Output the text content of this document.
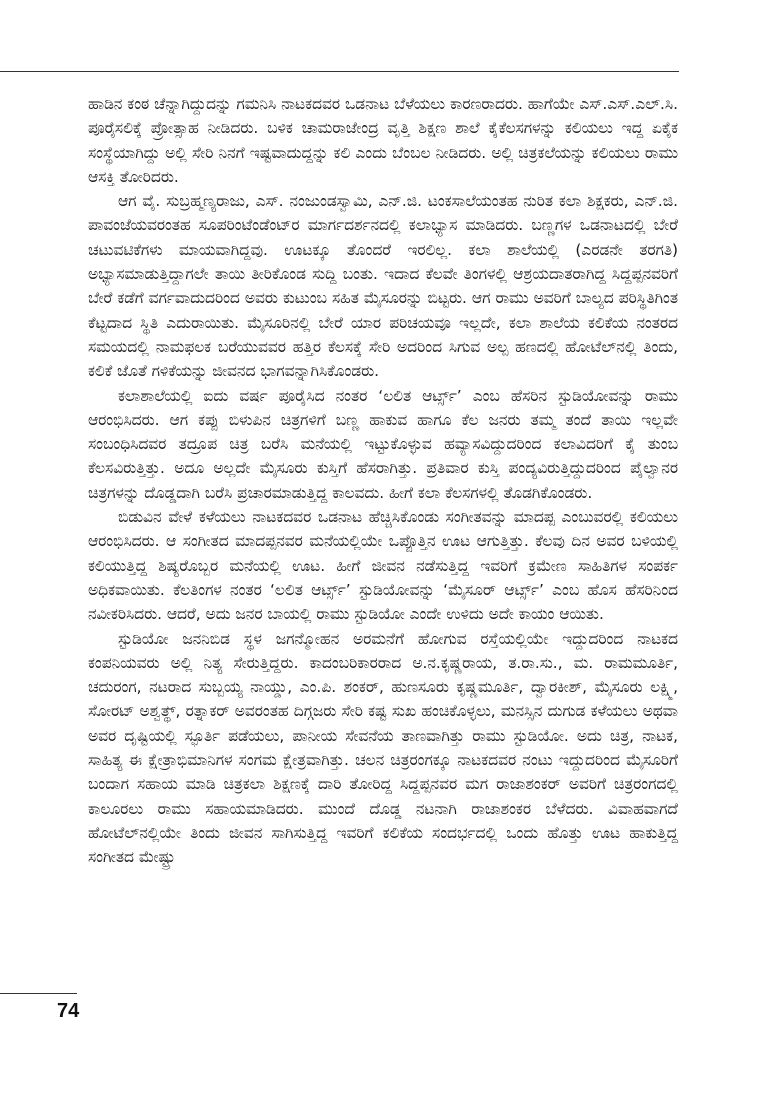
ಹಾಡಿನ ಕಂಠ ಚೆನ್ನಾಗಿದ್ದುದನ್ನು ಗಮನಿಸಿ ನಾಟಕದವರ ಒಡನಾಟ ಬೆಳೆಯಲು ಕಾರಣರಾದರು. ಹಾಗೆಯೇ ಎಸ್.ಎಸ್.ಎಲ್.ಸಿ. ಪೂರೈಸಲಿಕ್ಕೆ ಪ್ರೋತ್ಸಾಹ ನೀಡಿದರು. ಬಳಿಕ ಚಾಮರಾಜೇಂದ್ರ ವೃತ್ತಿ ಶಿಕ್ಷಣ ಶಾಲೆ ಕೈಕೆಲಸಗಳನ್ನು ಕಲಿಯಲು ಇದ್ದ ಏಕೈಕ ಸಂಸ್ಥೆಯಾಗಿದ್ದು ಅಲ್ಲಿ ಸೇರಿ ನಿನಗೆ ಇಷ್ಟವಾದುದ್ದನ್ನು ಕಲಿ ಎಂದು ಬೆಂಬಲ ನೀಡಿದರು. ಅಲ್ಲಿ ಚಿತ್ರಕಲೆಯನ್ನು ಕಲಿಯಲು ರಾಮು ಆಸಕ್ತಿ ತೋರಿದರು.

ಆಗ ವೈ. ಸುಬ್ರಹ್ಮಣ್ಯರಾಜು, ಎಸ್. ನಂಜುಂಡಸ್ವಾಮಿ, ಎನ್.ಜಿ. ಟಂಕಸಾಲೆಯಂತಹ ನುರಿತ ಕಲಾ ಶಿಕ್ಷಕರು, ಎನ್.ಜಿ. ಪಾವಂಜೆಯವರಂತಹ ಸೂಪರಿಂಟೆಂಡೆಂಟ್‌ರ ಮಾರ್ಗದರ್ಶನದಲ್ಲಿ ಕಲಾಭ್ಯಾಸ ಮಾಡಿದರು. ಬಣ್ಣಗಳ ಒಡನಾಟದಲ್ಲಿ ಬೇರೆ ಚಟುವಟಿಕೆಗಳು ಮಾಯವಾಗಿದ್ದವು. ಊಟಕ್ಕೂ ತೊಂದರೆ ಇರಲಿಲ್ಲ. ಕಲಾ ಶಾಲೆಯಲ್ಲಿ (ಎರಡನೇ ತರಗತಿ) ಅಭ್ಯಾಸಮಾಡುತ್ತಿದ್ದಾಗಲೇ ತಾಯಿ ತೀರಿಕೊಂಡ ಸುದ್ದಿ ಬಂತು. ಇದಾದ ಕೆಲವೇ ತಿಂಗಳಲ್ಲಿ ಆಶ್ರಯದಾತರಾಗಿದ್ದ ಸಿದ್ದಪ್ಪನವರಿಗೆ ಬೇರೆ ಕಡೆಗೆ ವರ್ಗವಾದುದರಿಂದ ಅವರು ಕುಟುಂಬ ಸಹಿತ ಮೈಸೂರನ್ನು ಬಿಟ್ಟರು. ಆಗ ರಾಮು ಅವರಿಗೆ ಬಾಲ್ಯದ ಪರಿಸ್ಥಿತಿಗಿಂತ ಕೆಟ್ಟದಾದ ಸ್ಥಿತಿ ಎದುರಾಯಿತು. ಮೈಸೂರಿನಲ್ಲಿ ಬೇರೆ ಯಾರ ಪರಿಚಯವೂ ಇಲ್ಲದೇ, ಕಲಾ ಶಾಲೆಯ ಕಲಿಕೆಯ ನಂತರದ ಸಮಯದಲ್ಲಿ ನಾಮಫಲಕ ಬರೆಯುವವರ ಹತ್ತಿರ ಕೆಲಸಕ್ಕೆ ಸೇರಿ ಅದರಿಂದ ಸಿಗುವ ಅಲ್ಪ ಹಣದಲ್ಲಿ ಹೋಟೆಲ್‌ನಲ್ಲಿ ತಿಂದು, ಕಲಿಕೆ ಜೊತೆ ಗಳಿಕೆಯನ್ನು ಜೀವನದ ಭಾಗವನ್ನಾಗಿಸಿಕೊಂಡರು.

ಕಲಾಶಾಲೆಯಲ್ಲಿ ಐದು ವರ್ಷ ಪೂರೈಸಿದ ನಂತರ ‘ಲಲಿತ ಆರ್ಟ್ಸ್’ ಎಂಬ ಹೆಸರಿನ ಸ್ಟುಡಿಯೋವನ್ನು ರಾಮು ಆರಂಭಿಸಿದರು. ಆಗ ಕಪ್ಪು ಬಿಳುಪಿನ ಚಿತ್ರಗಳಿಗೆ ಬಣ್ಣ ಹಾಕುವ ಹಾಗೂ ಕೆಲ ಜನರು ತಮ್ಮ ತಂದೆ ತಾಯಿ ಇಲ್ಲವೇ ಸಂಬಂಧಿಸಿದವರ ತದ್ರೂಪ ಚಿತ್ರ ಬರೆಸಿ ಮನೆಯಲ್ಲಿ ಇಟ್ಟುಕೊಳ್ಳುವ ಹವ್ಯಾಸವಿದ್ದುದರಿಂದ ಕಲಾವಿದರಿಗೆ ಕೈ ತುಂಬ ಕೆಲಸವಿರುತ್ತಿತ್ತು. ಅದೂ ಅಲ್ಲದೇ ಮೈಸೂರು ಕುಸ್ತಿಗೆ ಹೆಸರಾಗಿತ್ತು. ಪ್ರತಿವಾರ ಕುಸ್ತಿ ಪಂದ್ಯವಿರುತ್ತಿದ್ದುದರಿಂದ ಪೈಲ್ವಾನರ ಚಿತ್ರಗಳನ್ನು ದೊಡ್ಡದಾಗಿ ಬರೆಸಿ ಪ್ರಚಾರಮಾಡುತ್ತಿದ್ದ ಕಾಲವದು. ಹೀಗೆ ಕಲಾ ಕೆಲಸಗಳಲ್ಲಿ ತೊಡಗಿಕೊಂಡರು.

ಬಿಡುವಿನ ವೇಳೆ ಕಳೆಯಲು ನಾಟಕದವರ ಒಡನಾಟ ಹೆಚ್ಚಿಸಿಕೊಂಡು ಸಂಗೀತವನ್ನು ಮಾದಪ್ಪ ಎಂಬುವರಲ್ಲಿ ಕಲಿಯಲು ಆರಂಭಿಸಿದರು. ಆ ಸಂಗೀತದ ಮಾದಪ್ಪನವರ ಮನೆಯಲ್ಲಿಯೇ ಒಪ್ಪೊತ್ತಿನ ಊಟ ಆಗುತ್ತಿತ್ತು. ಕೆಲವು ದಿನ ಅವರ ಬಳಿಯಲ್ಲಿ ಕಲಿಯುತ್ತಿದ್ದ ಶಿಷ್ಯರೊಬ್ಬರ ಮನೆಯಲ್ಲಿ ಊಟ. ಹೀಗೆ ಜೀವನ ನಡೆಸುತ್ತಿದ್ದ ಇವರಿಗೆ ಕ್ರಮೇಣ ಸಾಹಿತಿಗಳ ಸಂಪರ್ಕ ಅಧಿಕವಾಯಿತು. ಕೆಲತಿಂಗಳ ನಂತರ ‘ಲಲಿತ ಆರ್ಟ್ಸ್’ ಸ್ಟುಡಿಯೋವನ್ನು ‘ಮೈಸೂರ್ ಆರ್ಟ್ಸ್’ ಎಂಬ ಹೊಸ ಹೆಸರಿನಿಂದ ನವೀಕರಿಸಿದರು. ಆದರೆ, ಅದು ಜನರ ಬಾಯಲ್ಲಿ ರಾಮು ಸ್ಟುಡಿಯೋ ಎಂದೇ ಉಳಿದು ಅದೇ ಕಾಯಂ ಆಯಿತು.

ಸ್ಟುಡಿಯೋ ಜನನಿಬಿಡ ಸ್ಥಳ ಜಗನ್ಮೋಹನ ಅರಮನೆಗೆ ಹೋಗುವ ರಸ್ತೆಯಲ್ಲಿಯೇ ಇದ್ದುದರಿಂದ ನಾಟಕದ ಕಂಪನಿಯವರು ಅಲ್ಲಿ ನಿತ್ಯ ಸೇರುತ್ತಿದ್ದರು. ಕಾದಂಬರಿಕಾರರಾದ ಅ.ನ.ಕೃಷ್ಣರಾಯ, ತ.ರಾ.ಸು., ಮ. ರಾಮಮೂರ್ತಿ, ಚದುರಂಗ, ನಟರಾದ ಸುಬ್ಬಯ್ಯ ನಾಯ್ಡು, ಎಂ.ಪಿ. ಶಂಕರ್, ಹುಣಸೂರು ಕೃಷ್ಣಮೂರ್ತಿ, ದ್ವಾರಕೀಶ್, ಮೈಸೂರು ಲಕ್ಷ್ಮಿ, ಸೋರಟ್ ಅಶ್ವತ್ಥ್, ರತ್ನಾಕರ್ ಅವರಂತಹ ದಿಗ್ಗಜರು ಸೇರಿ ಕಷ್ಟ ಸುಖ ಹಂಚಿಕೊಳ್ಳಲು, ಮನಸ್ಸಿನ ದುಗುಡ ಕಳೆಯಲು ಅಥವಾ ಅವರ ದೃಷ್ಟಿಯಲ್ಲಿ ಸ್ಫೂರ್ತಿ ಪಡೆಯಲು, ಪಾನೀಯ ಸೇವನೆಯ ತಾಣವಾಗಿತ್ತು ರಾಮು ಸ್ಟುಡಿಯೋ. ಅದು ಚಿತ್ರ, ನಾಟಕ, ಸಾಹಿತ್ಯ ಈ ಕ್ಷೇತ್ರಾಭಿಮಾನಿಗಳ ಸಂಗಮ ಕ್ಷೇತ್ರವಾಗಿತ್ತು. ಚಲನ ಚಿತ್ರರಂಗಕ್ಕೂ ನಾಟಕದವರ ನಂಟು ಇದ್ದುದರಿಂದ ಮೈಸೂರಿಗೆ ಬಂದಾಗ ಸಹಾಯ ಮಾಡಿ ಚಿತ್ರಕಲಾ ಶಿಕ್ಷಣಕ್ಕೆ ದಾರಿ ತೋರಿದ್ದ ಸಿದ್ದಪ್ಪನವರ ಮಗ ರಾಜಾಶಂಕರ್ ಅವರಿಗೆ ಚಿತ್ರರಂಗದಲ್ಲಿ ಕಾಲೂರಲು ರಾಮು ಸಹಾಯಮಾಡಿದರು. ಮುಂದೆ ದೊಡ್ಡ ನಟನಾಗಿ ರಾಜಾಶಂಕರ ಬೆಳೆದರು. ವಿವಾಹವಾಗದೆ ಹೋಟೆಲ್‌ನಲ್ಲಿಯೇ ತಿಂದು ಜೀವನ ಸಾಗಿಸುತ್ತಿದ್ದ ಇವರಿಗೆ ಕಲಿಕೆಯ ಸಂದರ್ಭದಲ್ಲಿ ಒಂದು ಹೊತ್ತು ಊಟ ಹಾಕುತ್ತಿದ್ದ ಸಂಗೀತದ ಮೇಷ್ಟ್ರು

74
